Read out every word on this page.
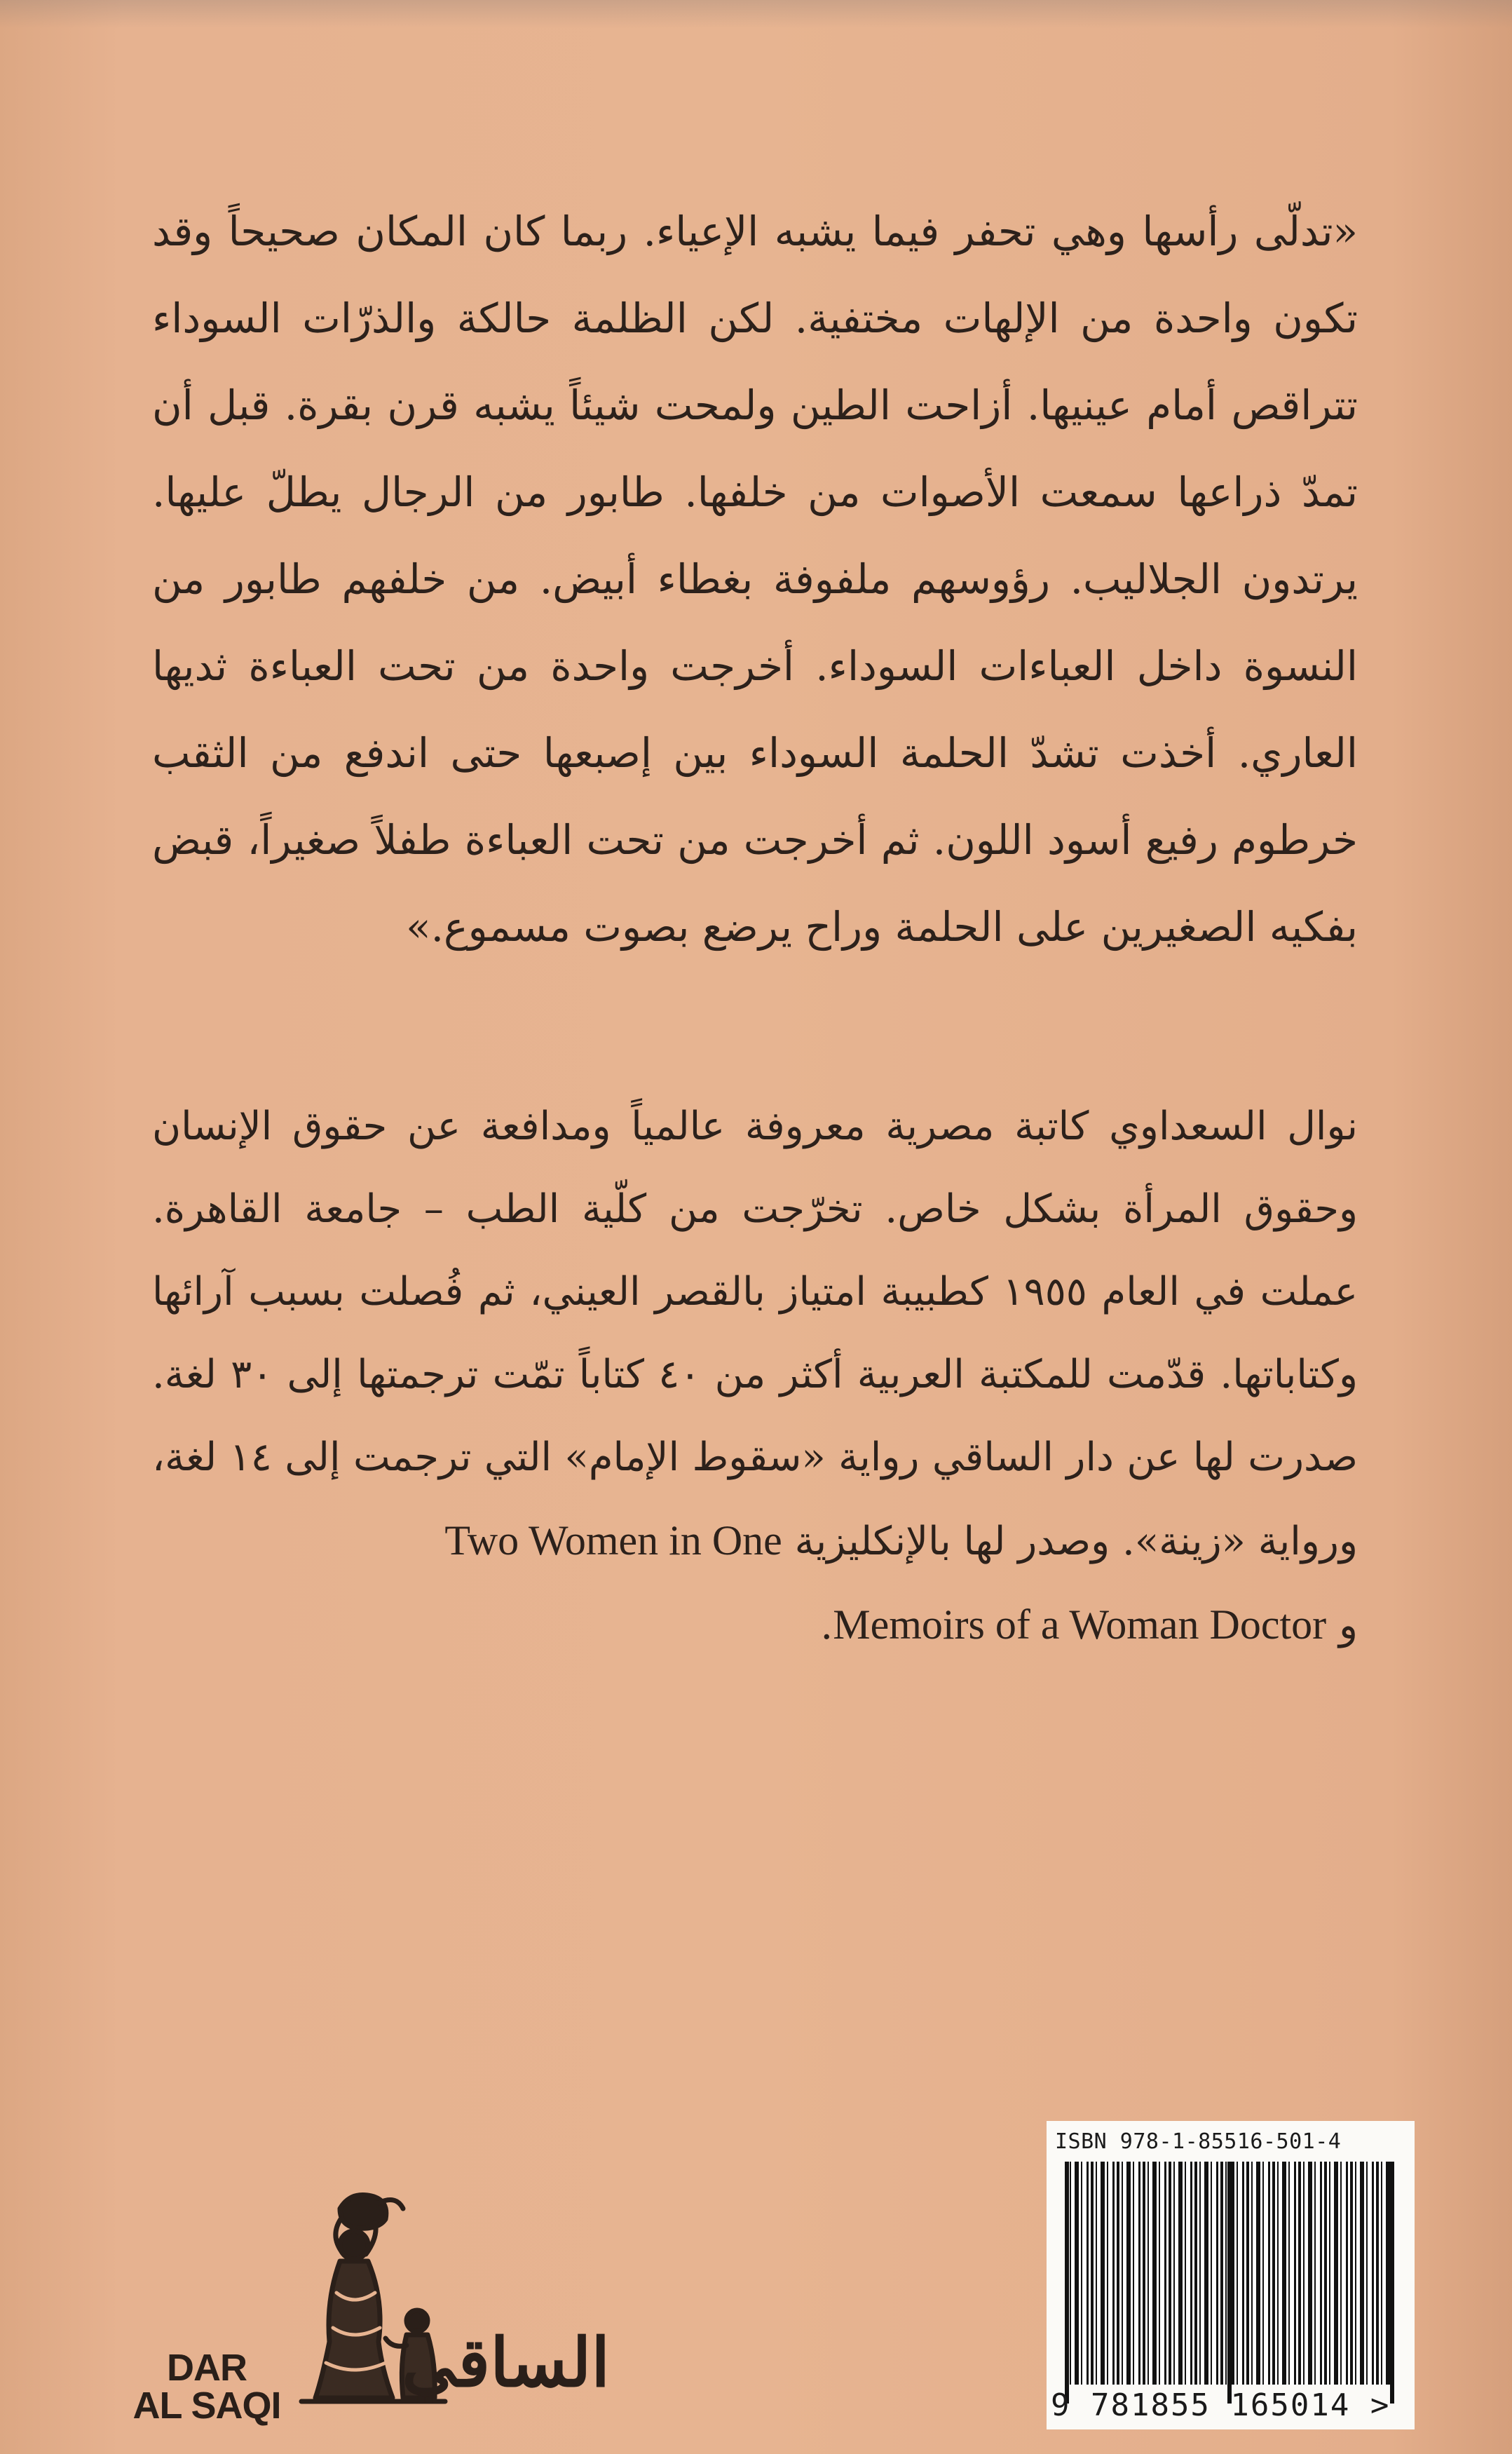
«تدلّى رأسها وهي تحفر فيما يشبه الإعياء. ربما كان المكان صحيحاً وقد تكون واحدة من الإلهات مختفية. لكن الظلمة حالكة والذرّات السوداء تتراقص أمام عينيها. أزاحت الطين ولمحت شيئاً يشبه قرن بقرة. قبل أن تمدّ ذراعها سمعت الأصوات من خلفها. طابور من الرجال يطلّ عليها. يرتدون الجلاليب. رؤوسهم ملفوفة بغطاء أبيض. من خلفهم طابور من النسوة داخل العباءات السوداء. أخرجت واحدة من تحت العباءة ثديها العاري. أخذت تشدّ الحلمة السوداء بين إصبعها حتى اندفع من الثقب خرطوم رفيع أسود اللون. ثم أخرجت من تحت العباءة طفلاً صغيراً، قبض بفكيه الصغيرين على الحلمة وراح يرضع بصوت مسموع.»
نوال السعداوي كاتبة مصرية معروفة عالمياً ومدافعة عن حقوق الإنسان وحقوق المرأة بشكل خاص. تخرّجت من كلّية الطب – جامعة القاهرة. عملت في العام ١٩٥٥ كطبيبة امتياز بالقصر العيني، ثم فُصلت بسبب آرائها وكتاباتها. قدّمت للمكتبة العربية أكثر من ٤٠ كتاباً تمّت ترجمتها إلى ٣٠ لغة. صدرت لها عن دار الساقي رواية «سقوط الإمام» التي ترجمت إلى ١٤ لغة، ورواية «زينة». وصدر لها بالإنكليزية Two Women in One
و Memoirs of a Woman Doctor.
ISBN 978-1-85516-501-4
9 781855 165014 >
DAR
AL SAQI
الساقي
